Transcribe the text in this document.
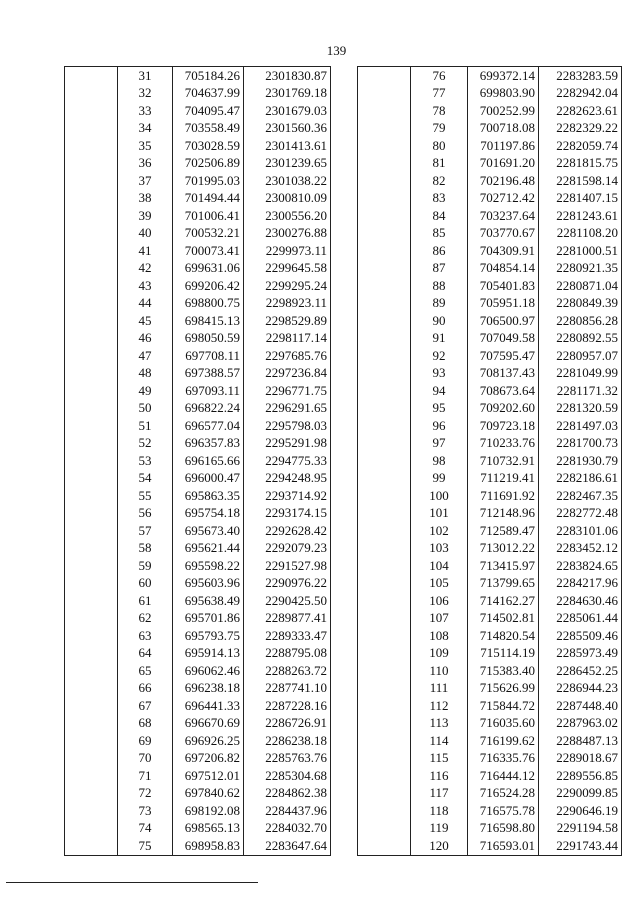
139
	31	705184.26	2301830.87
	32	704637.99	2301769.18
	33	704095.47	2301679.03
	34	703558.49	2301560.36
	35	703028.59	2301413.61
	36	702506.89	2301239.65
	37	701995.03	2301038.22
	38	701494.44	2300810.09
	39	701006.41	2300556.20
	40	700532.21	2300276.88
	41	700073.41	2299973.11
	42	699631.06	2299645.58
	43	699206.42	2299295.24
	44	698800.75	2298923.11
	45	698415.13	2298529.89
	46	698050.59	2298117.14
	47	697708.11	2297685.76
	48	697388.57	2297236.84
	49	697093.11	2296771.75
	50	696822.24	2296291.65
	51	696577.04	2295798.03
	52	696357.83	2295291.98
	53	696165.66	2294775.33
	54	696000.47	2294248.95
	55	695863.35	2293714.92
	56	695754.18	2293174.15
	57	695673.40	2292628.42
	58	695621.44	2292079.23
	59	695598.22	2291527.98
	60	695603.96	2290976.22
	61	695638.49	2290425.50
	62	695701.86	2289877.41
	63	695793.75	2289333.47
	64	695914.13	2288795.08
	65	696062.46	2288263.72
	66	696238.18	2287741.10
	67	696441.33	2287228.16
	68	696670.69	2286726.91
	69	696926.25	2286238.18
	70	697206.82	2285763.76
	71	697512.01	2285304.68
	72	697840.62	2284862.38
	73	698192.08	2284437.96
	74	698565.13	2284032.70
	75	698958.83	2283647.64
	76	699372.14	2283283.59
	77	699803.90	2282942.04
	78	700252.99	2282623.61
	79	700718.08	2282329.22
	80	701197.86	2282059.74
	81	701691.20	2281815.75
	82	702196.48	2281598.14
	83	702712.42	2281407.15
	84	703237.64	2281243.61
	85	703770.67	2281108.20
	86	704309.91	2281000.51
	87	704854.14	2280921.35
	88	705401.83	2280871.04
	89	705951.18	2280849.39
	90	706500.97	2280856.28
	91	707049.58	2280892.55
	92	707595.47	2280957.07
	93	708137.43	2281049.99
	94	708673.64	2281171.32
	95	709202.60	2281320.59
	96	709723.18	2281497.03
	97	710233.76	2281700.73
	98	710732.91	2281930.79
	99	711219.41	2282186.61
	100	711691.92	2282467.35
	101	712148.96	2282772.48
	102	712589.47	2283101.06
	103	713012.22	2283452.12
	104	713415.97	2283824.65
	105	713799.65	2284217.96
	106	714162.27	2284630.46
	107	714502.81	2285061.44
	108	714820.54	2285509.46
	109	715114.19	2285973.49
	110	715383.40	2286452.25
	111	715626.99	2286944.23
	112	715844.72	2287448.40
	113	716035.60	2287963.02
	114	716199.62	2288487.13
	115	716335.76	2289018.67
	116	716444.12	2289556.85
	117	716524.28	2290099.85
	118	716575.78	2290646.19
	119	716598.80	2291194.58
	120	716593.01	2291743.44
